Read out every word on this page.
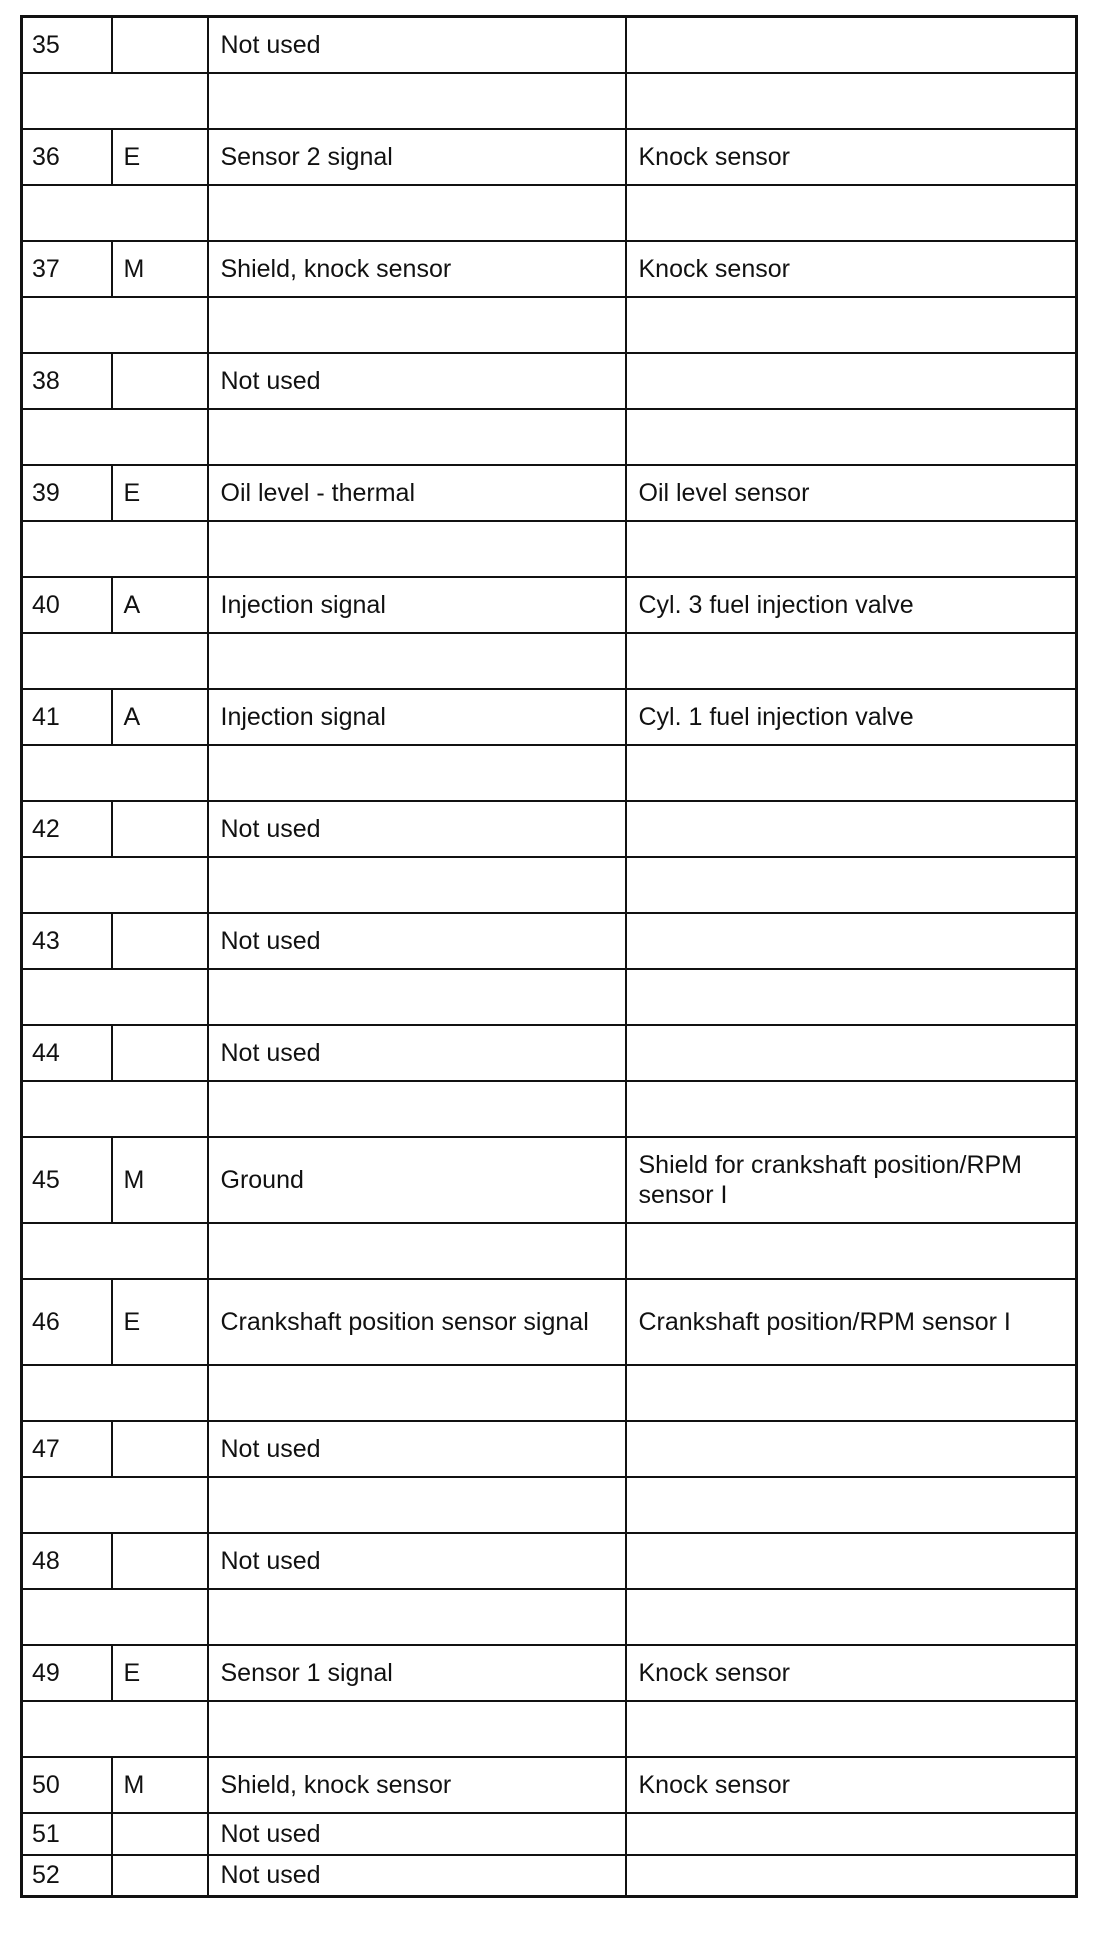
35		Not used	

36	E	Sensor 2 signal	Knock sensor

37	M	Shield, knock sensor	Knock sensor

38		Not used	

39	E	Oil level - thermal	Oil level sensor

40	A	Injection signal	Cyl. 3 fuel injection valve

41	A	Injection signal	Cyl. 1 fuel injection valve

42		Not used	

43		Not used	

44		Not used	

45	M	Ground	Shield for crankshaft position/RPM sensor I

46	E	Crankshaft position sensor signal	Crankshaft position/RPM sensor I

47		Not used	

48		Not used	

49	E	Sensor 1 signal	Knock sensor

50	M	Shield, knock sensor	Knock sensor
51		Not used	
52		Not used	
